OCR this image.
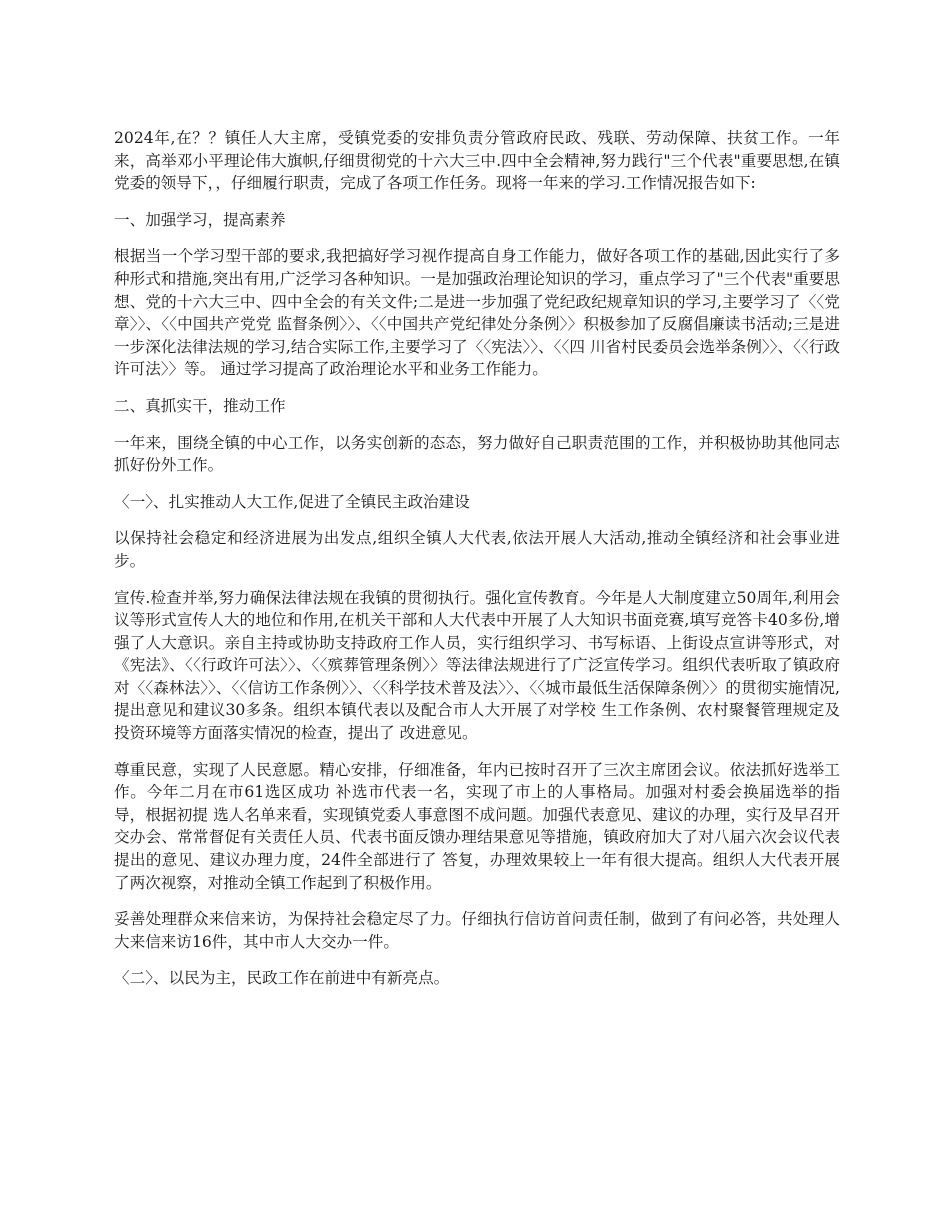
2024年,在？？镇任人大主席，受镇党委的安排负责分管政府民政、残联、劳动保障、扶贫工作。一年来，高举邓小平理论伟大旗帜,仔细贯彻党的十六大三中.四中全会精神,努力践行"三个代表"重要思想,在镇党委的领导下，，仔细履行职责，完成了各项工作任务。现将一年来的学习.工作情况报告如下:

一、加强学习，提高素养

根据当一个学习型干部的要求,我把搞好学习视作提高自身工作能力，做好各项工作的基础,因此实行了多种形式和措施,突出有用,广泛学习各种知识。一是加强政治理论知识的学习，重点学习了"三个代表"重要思想、党的十六大三中、四中全会的有关文件;二是进一步加强了党纪政纪规章知识的学习,主要学习了〈〈党章〉〉、〈〈中国共产党党 监督条例〉〉、〈〈中国共产党纪律处分条例〉〉积极参加了反腐倡廉读书活动;三是进一步深化法律法规的学习,结合实际工作,主要学习了〈〈宪法〉〉、〈〈四 川省村民委员会选举条例〉〉、〈〈行政许可法〉〉等。 通过学习提高了政治理论水平和业务工作能力。

二、真抓实干，推动工作

一年来，围绕全镇的中心工作，以务实创新的态态，努力做好自己职责范围的工作，并积极协助其他同志抓好份外工作。

〈一〉、扎实推动人大工作,促进了全镇民主政治建设

以保持社会稳定和经济进展为出发点,组织全镇人大代表,依法开展人大活动,推动全镇经济和社会事业进步。

宣传.检查并举,努力确保法律法规在我镇的贯彻执行。强化宣传教育。今年是人大制度建立50周年,利用会议等形式宣传人大的地位和作用,在机关干部和人大代表中开展了人大知识书面竞赛,填写竞答卡40多份,增强了人大意识。亲自主持或协助支持政府工作人员，实行组织学习、书写标语、上街设点宣讲等形式，对《宪法》、〈〈行政许可法〉〉、〈〈殡葬管理条例〉〉等法律法规进行了广泛宣传学习。组织代表听取了镇政府对〈〈森林法〉〉、〈〈信访工作条例〉〉、〈〈科学技术普及法〉〉、〈〈城市最低生活保障条例〉〉的贯彻实施情况,提出意见和建议30多条。组织本镇代表以及配合市人大开展了对学校 生工作条例、农村聚餐管理规定及投资环境等方面落实情况的检查，提出了 改进意见。

尊重民意，实现了人民意愿。精心安排，仔细准备，年内已按时召开了三次主席团会议。依法抓好选举工作。今年二月在市61选区成功 补选市代表一名，实现了市上的人事格局。加强对村委会换届选举的指导，根据初提 选人名单来看，实现镇党委人事意图不成问题。加强代表意见、建议的办理，实行及早召开交办会、常常督促有关责任人员、代表书面反馈办理结果意见等措施，镇政府加大了对八届六次会议代表提出的意见、建议办理力度，24件全部进行了 答复，办理效果较上一年有很大提高。组织人大代表开展了两次视察，对推动全镇工作起到了积极作用。

妥善处理群众来信来访，为保持社会稳定尽了力。仔细执行信访首问责任制，做到了有问必答，共处理人大来信来访16件，其中市人大交办一件。

〈二〉、以民为主，民政工作在前进中有新亮点。
